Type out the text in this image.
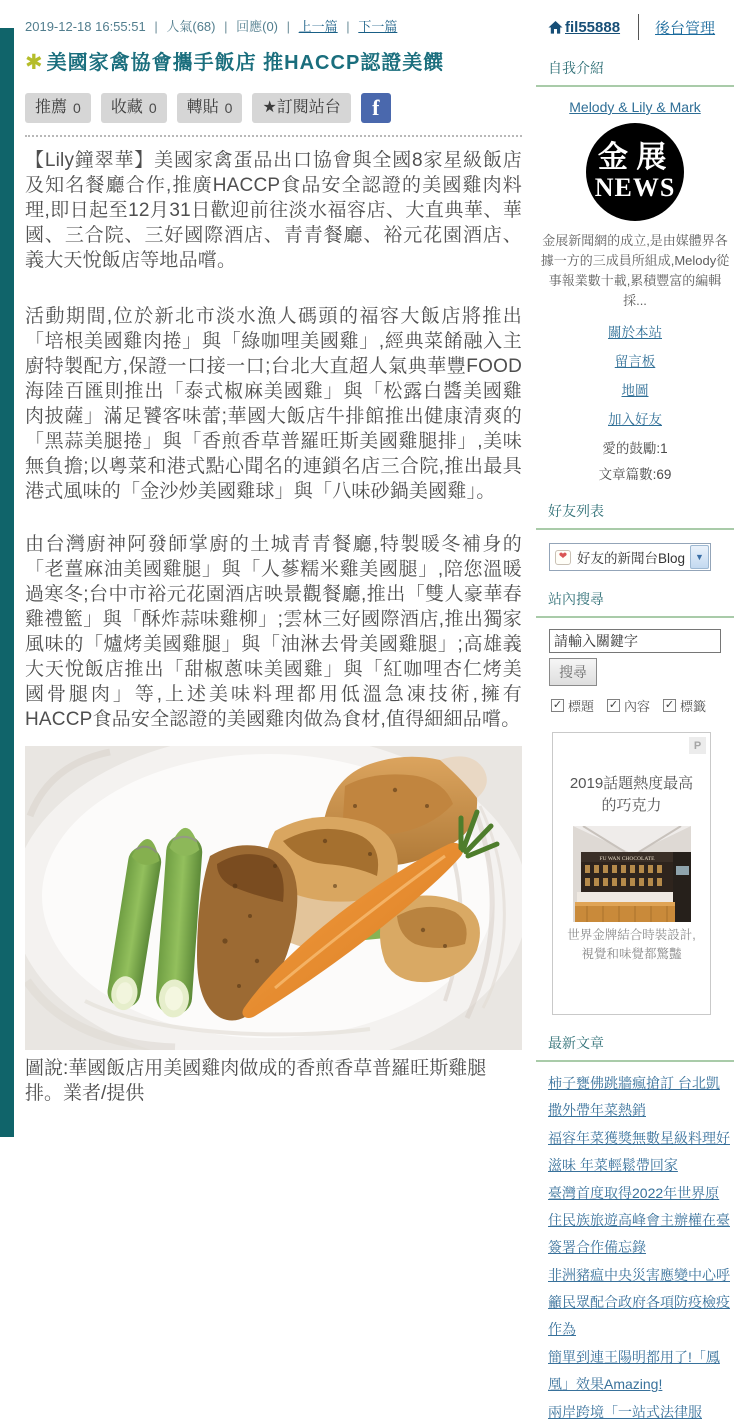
2019-12-18 16:55:51 | 人氣(68) | 回應(0) | 上一篇 | 下一篇
✱ 美國家禽協會攜手飯店 推HACCP認證美饌
推薦 0 收藏 0 轉貼 0 ★訂閱站台 f
【Lily鐘翠華】美國家禽蛋品出口協會與全國8家星級飯店及知名餐廳合作,推廣HACCP食品安全認證的美國雞肉料理,即日起至12月31日歡迎前往淡水福容店、大直典華、華國、三合院、三好國際酒店、青青餐廳、裕元花園酒店、義大天悅飯店等地品嚐。
活動期間,位於新北市淡水漁人碼頭的福容大飯店將推出「培根美國雞肉捲」與「綠咖哩美國雞」,經典菜餚融入主廚特製配方,保證一口接一口;台北大直超人氣典華豐FOOD海陸百匯則推出「泰式椒麻美國雞」與「松露白醬美國雞肉披薩」滿足饕客味蕾;華國大飯店牛排館推出健康清爽的「黑蒜美腿捲」與「香煎香草普羅旺斯美國雞腿排」,美味無負擔;以粵菜和港式點心聞名的連鎖名店三合院,推出最具港式風味的「金沙炒美國雞球」與「八味砂鍋美國雞」。
由台灣廚神阿發師掌廚的土城青青餐廳,特製暖冬補身的「老薑麻油美國雞腿」與「人蔘糯米雞美國腿」,陪您溫暖過寒冬;台中市裕元花園酒店映景觀餐廳,推出「雙人豪華春雞禮籃」與「酥炸蒜味雞柳」;雲林三好國際酒店,推出獨家風味的「爐烤美國雞腿」與「油淋去骨美國雞腿」;高雄義大天悅飯店推出「甜椒蔥味美國雞」與「紅咖哩杏仁烤美國骨腿肉」等,上述美味料理都用低溫急凍技術,擁有HACCP食品安全認證的美國雞肉做為食材,值得細細品嚐。
圖說:華國飯店用美國雞肉做成的香煎香草普羅旺斯雞腿排。業者/提供
fil55888 後台管理
自我介紹
Melody & Lily & Mark
金 展
NEWS
金展新聞網的成立,是由媒體界各據一方的三成員所組成,Melody從事報業數十載,累積豐富的編輯採...
關於本站
留言板
地圖
加入好友
愛的鼓勵:1
文章篇數:69
好友列表
❤ 好友的新聞台Blog	▼
站內搜尋
請輸入關鍵字
搜尋
✓ 標題 ✓ 內容 ✓ 標籤
P
2019話題熱度最高的巧克力
FU WAN CHOCOLATE
世界金牌結合時裝設計,視覺和味覺都驚豔
最新文章
柿子甕佛跳牆瘋搶訂 台北凱撒外帶年菜熱銷
福容年菜獲獎無數星級料理好滋味 年菜輕鬆帶回家
臺灣首度取得2022年世界原住民族旅遊高峰會主辦權在臺簽署合作備忘錄
非洲豬瘟中央災害應變中心呼籲民眾配合政府各項防疫檢疫作為
簡單到連王陽明都用了!「鳳凰」效果Amazing!
兩岸跨境「一站式法律服
